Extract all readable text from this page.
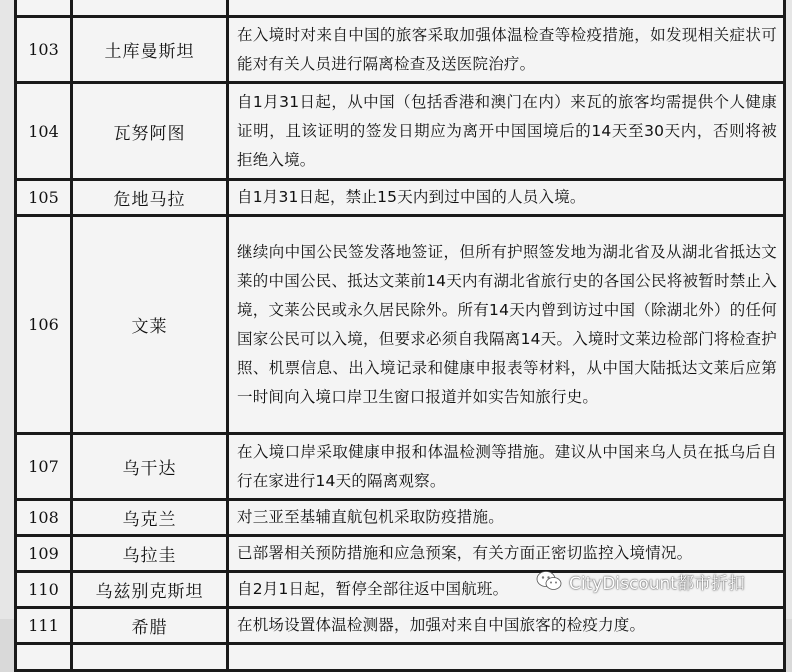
103	土库曼斯坦	在入境时对来自中国的旅客采取加强体温检查等检疫措施，如发现相关症状可能对有关人员进行隔离检查及送医院治疗。
104	瓦努阿图	自1月31日起，从中国（包括香港和澳门在内）来瓦的旅客均需提供个人健康证明，且该证明的签发日期应为离开中国国境后的14天至30天内，否则将被拒绝入境。
105	危地马拉	自1月31日起，禁止15天内到过中国的人员入境。
106	文莱	继续向中国公民签发落地签证，但所有护照签发地为湖北省及从湖北省抵达文莱的中国公民、抵达文莱前14天内有湖北省旅行史的各国公民将被暂时禁止入境，文莱公民或永久居民除外。所有14天内曾到访过中国（除湖北外）的任何国家公民可以入境，但要求必须自我隔离14天。入境时文莱边检部门将检查护照、机票信息、出入境记录和健康申报表等材料，从中国大陆抵达文莱后应第一时间向入境口岸卫生窗口报道并如实告知旅行史。
107	乌干达	在入境口岸采取健康申报和体温检测等措施。建议从中国来乌人员在抵乌后自行在家进行14天的隔离观察。
108	乌克兰	对三亚至基辅直航包机采取防疫措施。
109	乌拉圭	已部署相关预防措施和应急预案，有关方面正密切监控入境情况。
110	乌兹别克斯坦	自2月1日起，暂停全部往返中国航班。
111	希腊	在机场设置体温检测器，加强对来自中国旅客的检疫力度。

CityDiscount都市折扣
